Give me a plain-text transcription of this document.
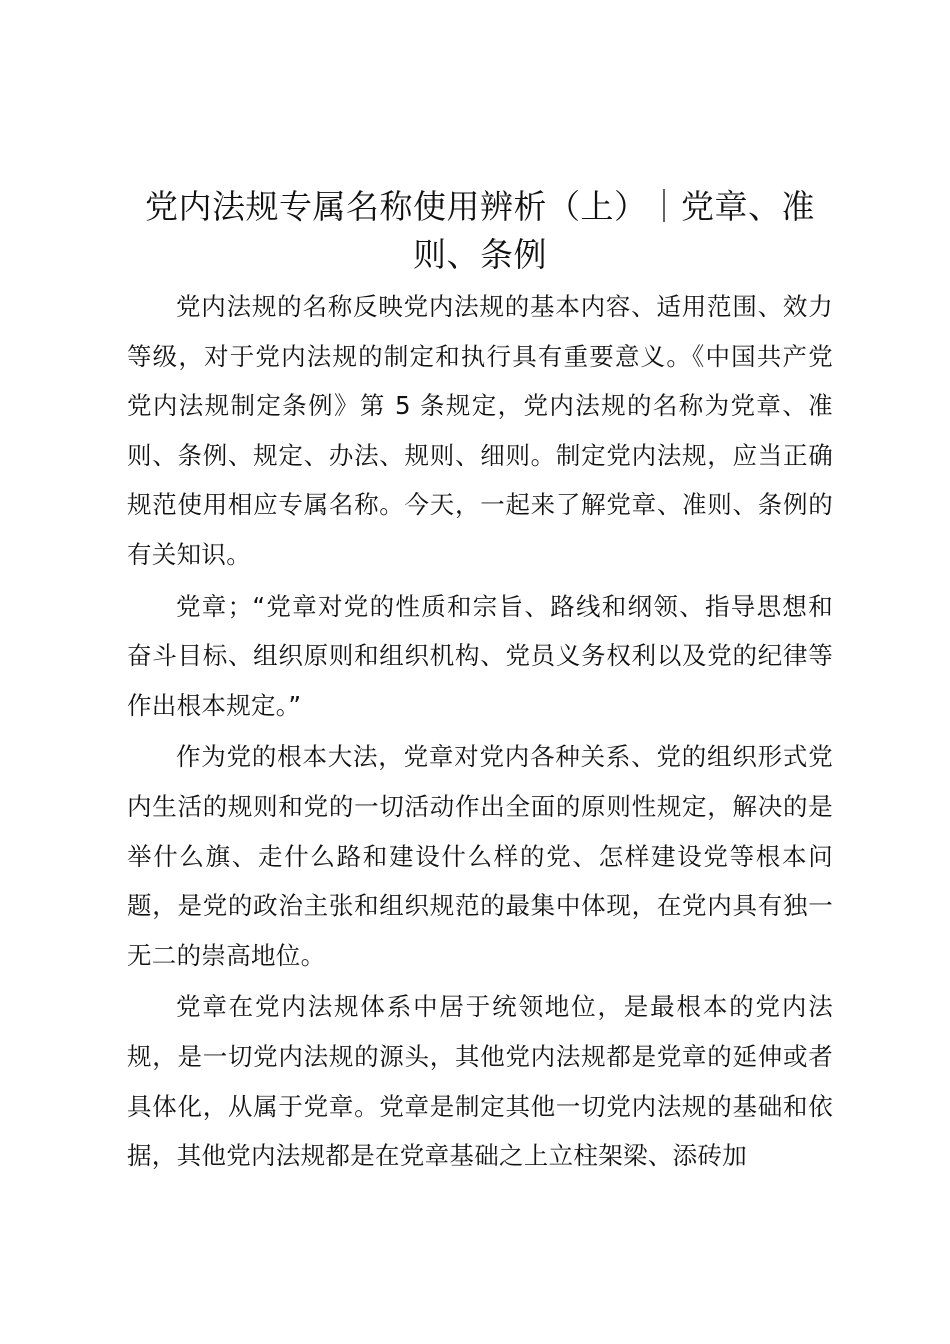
党内法规专属名称使用辨析（上）｜党章、准则、条例

党内法规的名称反映党内法规的基本内容、适用范围、效力等级，对于党内法规的制定和执行具有重要意义。《中国共产党党内法规制定条例》第 5 条规定，党内法规的名称为党章、准则、条例、规定、办法、规则、细则。制定党内法规，应当正确规范使用相应专属名称。今天，一起来了解党章、准则、条例的有关知识。

党章；“党章对党的性质和宗旨、路线和纲领、指导思想和奋斗目标、组织原则和组织机构、党员义务权利以及党的纪律等作出根本规定。”

作为党的根本大法，党章对党内各种关系、党的组织形式党内生活的规则和党的一切活动作出全面的原则性规定，解决的是举什么旗、走什么路和建设什么样的党、怎样建设党等根本问题，是党的政治主张和组织规范的最集中体现，在党内具有独一无二的崇高地位。

党章在党内法规体系中居于统领地位，是最根本的党内法规，是一切党内法规的源头，其他党内法规都是党章的延伸或者具体化，从属于党章。党章是制定其他一切党内法规的基础和依据，其他党内法规都是在党章基础之上立柱架梁、添砖加
